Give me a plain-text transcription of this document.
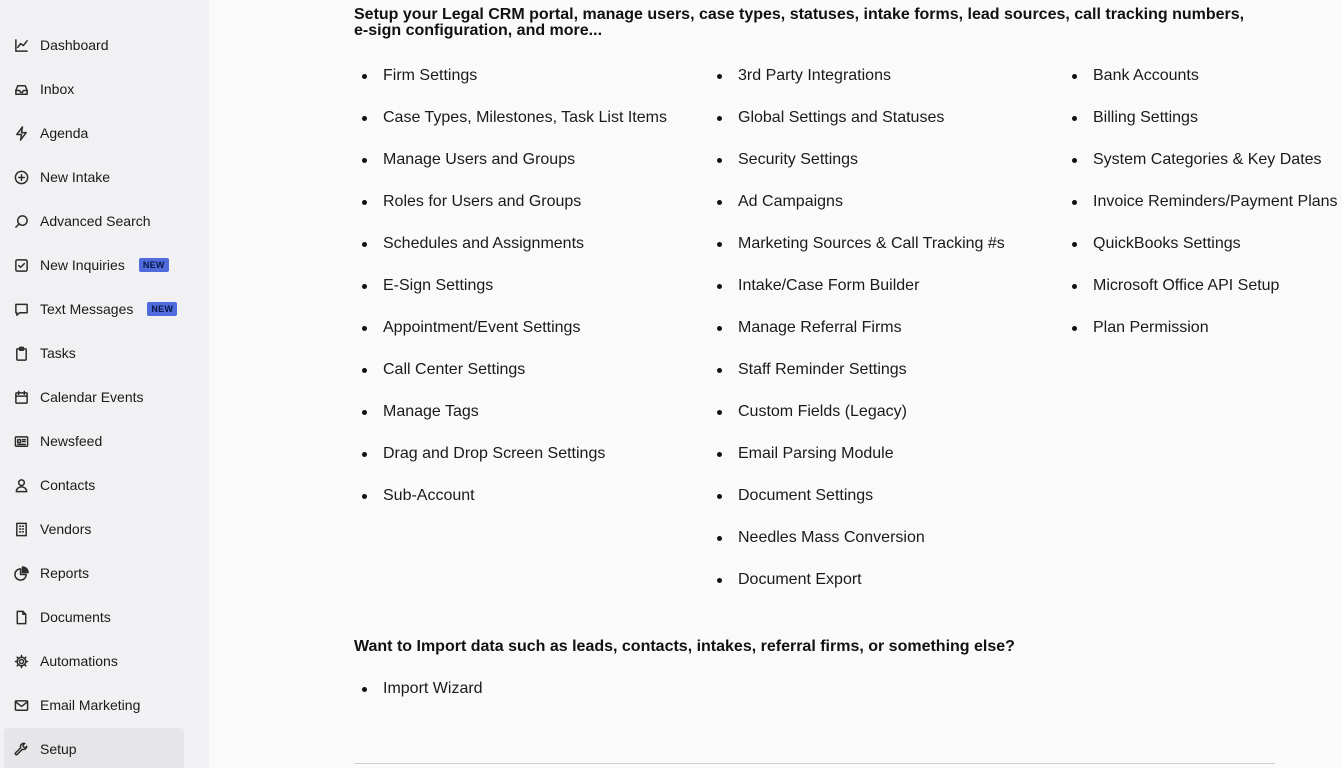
Dashboard
Inbox
Agenda
New Intake
Advanced Search
New Inquiries	NEW
Text Messages	NEW
Tasks
Calendar Events
Newsfeed
Contacts
Vendors
Reports
Documents
Automations
Email Marketing
Setup

Setup your Legal CRM portal, manage users, case types, statuses, intake forms, lead sources, call tracking numbers, e-sign configuration, and more...

Firm Settings
Case Types, Milestones, Task List Items
Manage Users and Groups
Roles for Users and Groups
Schedules and Assignments
E-Sign Settings
Appointment/Event Settings
Call Center Settings
Manage Tags
Drag and Drop Screen Settings
Sub-Account
3rd Party Integrations
Global Settings and Statuses
Security Settings
Ad Campaigns
Marketing Sources & Call Tracking #s
Intake/Case Form Builder
Manage Referral Firms
Staff Reminder Settings
Custom Fields (Legacy)
Email Parsing Module
Document Settings
Needles Mass Conversion
Document Export
Bank Accounts
Billing Settings
System Categories & Key Dates
Invoice Reminders/Payment Plans
QuickBooks Settings
Microsoft Office API Setup
Plan Permission
Want to Import data such as leads, contacts, intakes, referral firms, or something else?
Import Wizard
